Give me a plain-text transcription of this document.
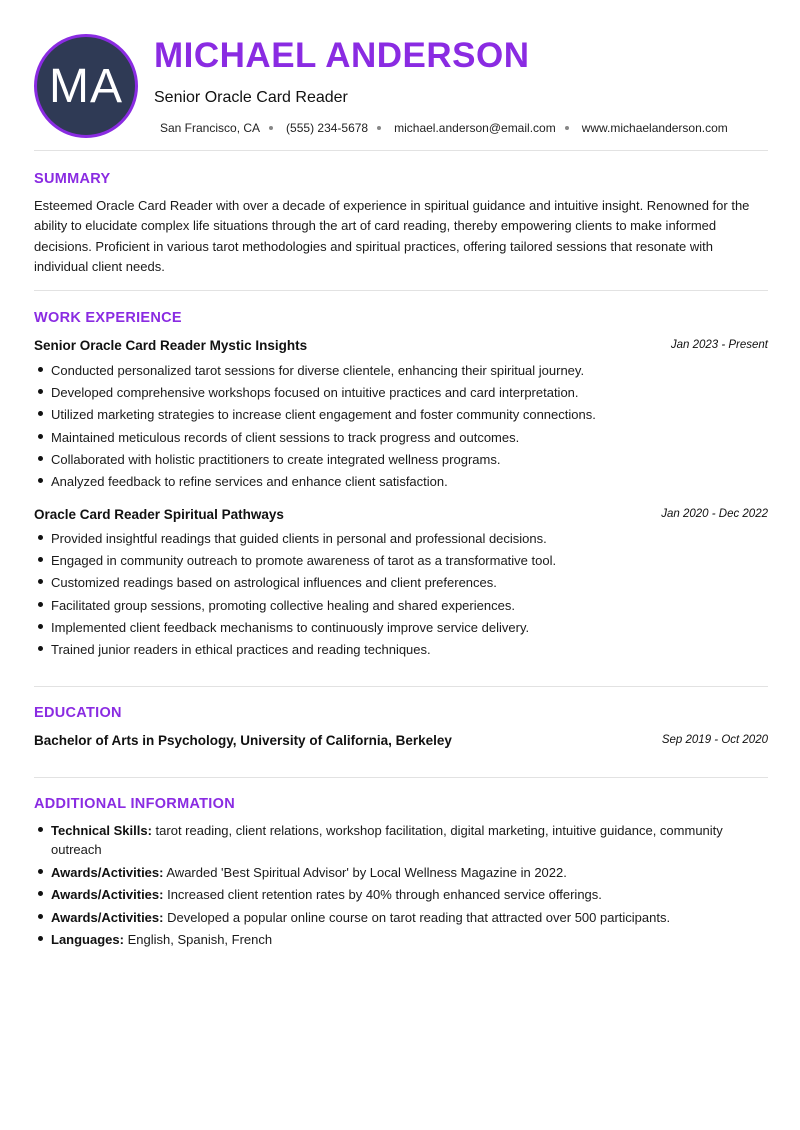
MA
MICHAEL ANDERSON
Senior Oracle Card Reader
San Francisco, CA (555) 234-5678 michael.anderson@email.com www.michaelanderson.com
SUMMARY
Esteemed Oracle Card Reader with over a decade of experience in spiritual guidance and intuitive insight. Renowned for the ability to elucidate complex life situations through the art of card reading, thereby empowering clients to make informed decisions. Proficient in various tarot methodologies and spiritual practices, offering tailored sessions that resonate with individual client needs.
WORK EXPERIENCE
Senior Oracle Card Reader Mystic Insights	Jan 2023 - Present
Conducted personalized tarot sessions for diverse clientele, enhancing their spiritual journey.
Developed comprehensive workshops focused on intuitive practices and card interpretation.
Utilized marketing strategies to increase client engagement and foster community connections.
Maintained meticulous records of client sessions to track progress and outcomes.
Collaborated with holistic practitioners to create integrated wellness programs.
Analyzed feedback to refine services and enhance client satisfaction.
Oracle Card Reader Spiritual Pathways	Jan 2020 - Dec 2022
Provided insightful readings that guided clients in personal and professional decisions.
Engaged in community outreach to promote awareness of tarot as a transformative tool.
Customized readings based on astrological influences and client preferences.
Facilitated group sessions, promoting collective healing and shared experiences.
Implemented client feedback mechanisms to continuously improve service delivery.
Trained junior readers in ethical practices and reading techniques.
EDUCATION
Bachelor of Arts in Psychology, University of California, Berkeley	Sep 2019 - Oct 2020
ADDITIONAL INFORMATION
Technical Skills: tarot reading, client relations, workshop facilitation, digital marketing, intuitive guidance, community outreach
Awards/Activities: Awarded 'Best Spiritual Advisor' by Local Wellness Magazine in 2022.
Awards/Activities: Increased client retention rates by 40% through enhanced service offerings.
Awards/Activities: Developed a popular online course on tarot reading that attracted over 500 participants.
Languages: English, Spanish, French
